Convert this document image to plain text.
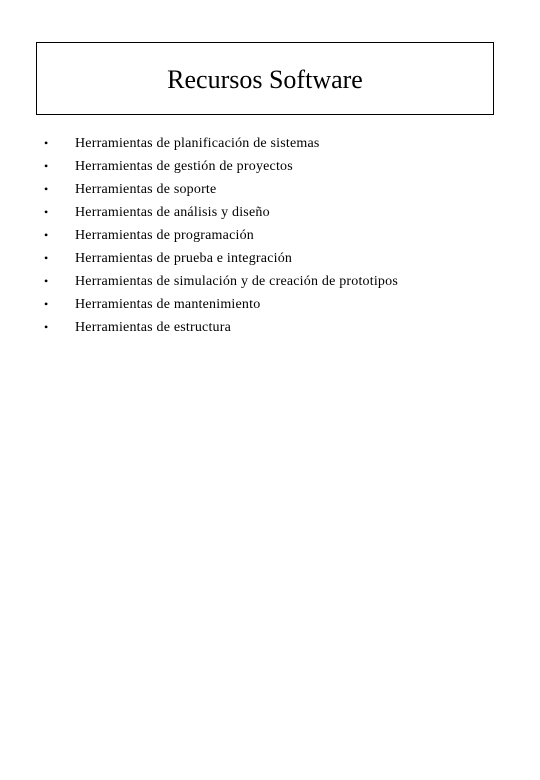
Recursos Software
•	Herramientas de planificación de sistemas
•	Herramientas de gestión de proyectos
•	Herramientas de soporte
•	Herramientas de análisis y diseño
•	Herramientas de programación
•	Herramientas de prueba e integración
•	Herramientas de simulación y de creación de prototipos
•	Herramientas de mantenimiento
•	Herramientas de estructura
